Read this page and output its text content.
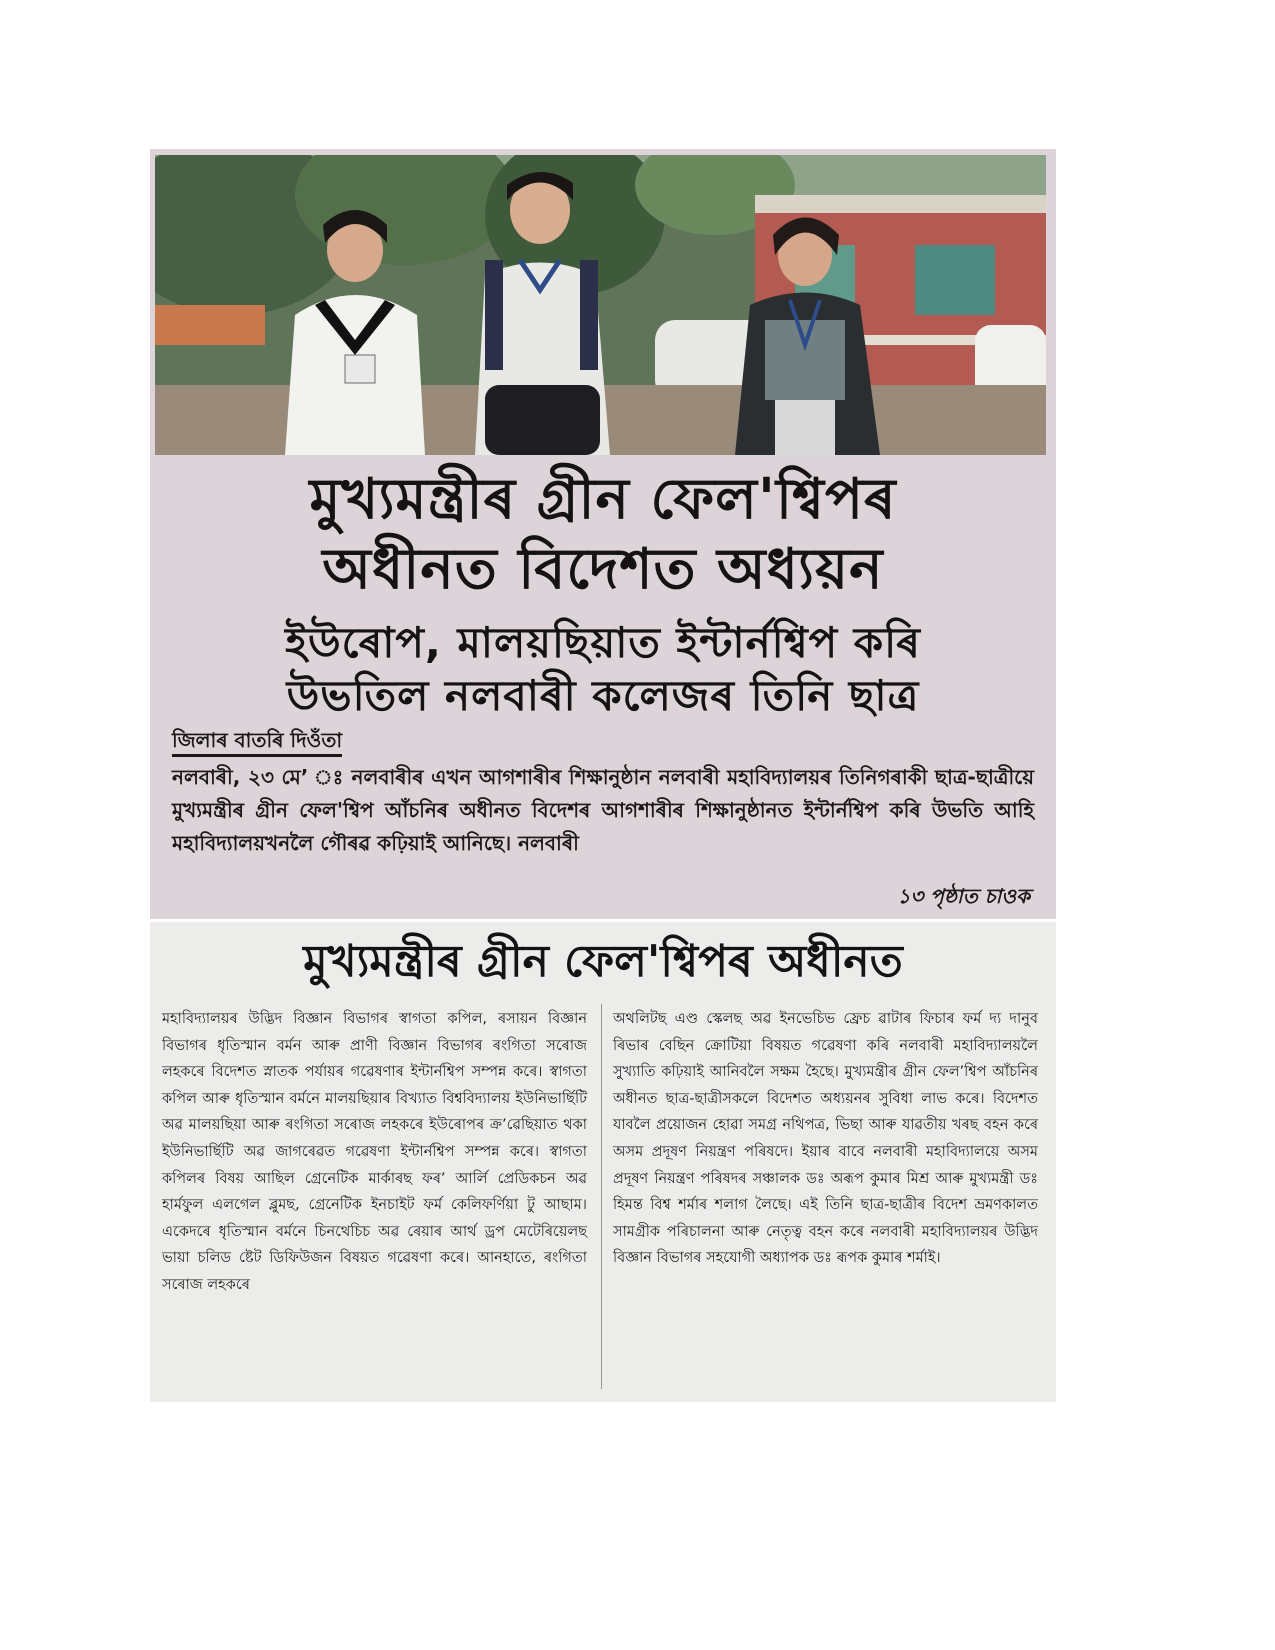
মুখ্যমন্ত্ৰীৰ গ্ৰীন ফেল'শ্বিপৰ
অধীনত বিদেশত অধ্যয়ন
ইউৰোপ, মালয়ছিয়াত ইন্টাৰ্নশ্বিপ কৰি
উভতিল নলবাৰী কলেজৰ তিনি ছাত্ৰ
জিলাৰ বাতৰি দিওঁতা

নলবাৰী, ২৩ মে’ ঃ নলবাৰীৰ এখন আগশাৰীৰ শিক্ষানুষ্ঠান নলবাৰী মহাবিদ্যালয়ৰ তিনিগৰাকী ছাত্ৰ-ছাত্ৰীয়ে মুখ্যমন্ত্ৰীৰ গ্ৰীন ফেল'শ্বিপ আঁচনিৰ অধীনত বিদেশৰ আগশাৰীৰ শিক্ষানুষ্ঠানত ইন্টাৰ্নশ্বিপ কৰি উভতি আহি মহাবিদ্যালয়খনলৈ গৌৰৱ কঢ়িয়াই আনিছে। নলবাৰী

১৩ পৃষ্ঠাত চাওক
মুখ্যমন্ত্ৰীৰ গ্ৰীন ফেল'শ্বিপৰ অধীনত

মহাবিদ্যালয়ৰ উদ্ভিদ বিজ্ঞান বিভাগৰ স্বাগতা কপিল, ৰসায়ন বিজ্ঞান বিভাগৰ ধৃতিস্মান বৰ্মন আৰু প্ৰাণী বিজ্ঞান বিভাগৰ ৰংগিতা সৰোজ লহকৰে বিদেশত স্নাতক পৰ্যায়ৰ গৱেষণাৰ ইন্টাৰ্নশ্বিপ সম্পন্ন কৰে। স্বাগতা কপিল আৰু ধৃতিস্মান বৰ্মনে মালয়ছিয়াৰ বিখ্যাত বিশ্ববিদ্যালয় ইউনিভাৰ্ছিটি অৱ মালয়ছিয়া আৰু ৰংগিতা সৰোজ লহকৰে ইউৰোপৰ ক্ৰ’ৱেছিয়াত থকা ইউনিভাৰ্ছিটি অৱ জাগৰেৱত গৱেষণা ইন্টাৰ্নশ্বিপ সম্পন্ন কৰে। স্বাগতা কপিলৰ বিষয় আছিল গ্ৰেনেটিক মাৰ্কাৰছ ফৰ’ আৰ্লি প্ৰেডিকচন অৱ হাৰ্মফুল এলগেল ব্লুমছ, গ্ৰেনেটিক ইনচাইট ফৰ্ম কেলিফৰ্ণিয়া টু আছাম। একেদৰে ধৃতিস্মান বৰ্মনে চিনথেচিচ অৱ ৰেয়াৰ আৰ্থ ড্ৰপ মেটেৰিয়েলছ ভায়া চলিড ষ্টেট ডিফিউজন বিষয়ত গৱেষণা কৰে। আনহাতে, ৰংগিতা সৰোজ লহকৰে

অথলিটছ এণ্ড স্কেলছ অৱ ইনভেচিভ ফ্ৰেচ ৱাটাৰ ফিচাৰ ফৰ্ম দ্য দানুব ৰিভাৰ বেছিন ক্ৰোটিয়া বিষয়ত গৱেষণা কৰি নলবাৰী মহাবিদ্যালয়লৈ সুখ্যাতি কঢ়িয়াই আনিবলৈ সক্ষম হৈছে। মুখ্যমন্ত্ৰীৰ গ্ৰীন ফেল’শ্বিপ আঁচনিৰ অধীনত ছাত্ৰ-ছাত্ৰীসকলে বিদেশত অধ্যয়নৰ সুবিধা লাভ কৰে। বিদেশত যাবলৈ প্ৰয়োজন হোৱা সমগ্ৰ নথিপত্ৰ, ভিছা আৰু যাৱতীয় খৰছ বহন কৰে অসম প্ৰদূষণ নিয়ন্ত্ৰণ পৰিষদে। ইয়াৰ বাবে নলবাৰী মহাবিদ্যালয়ে অসম প্ৰদূষণ নিয়ন্ত্ৰণ পৰিষদৰ সঞ্চালক ডঃ অৰূপ কুমাৰ মিশ্ৰ আৰু মুখ্যমন্ত্ৰী ডঃ হিমন্ত বিশ্ব শৰ্মাৰ শলাগ লৈছে। এই তিনি ছাত্ৰ-ছাত্ৰীৰ বিদেশ ভ্ৰমণকালত সামগ্ৰীক পৰিচালনা আৰু নেতৃত্ব বহন কৰে নলবাৰী মহাবিদ্যালয়ৰ উদ্ভিদ বিজ্ঞান বিভাগৰ সহযোগী অধ্যাপক ডঃ ৰূপক কুমাৰ শৰ্মাই।
